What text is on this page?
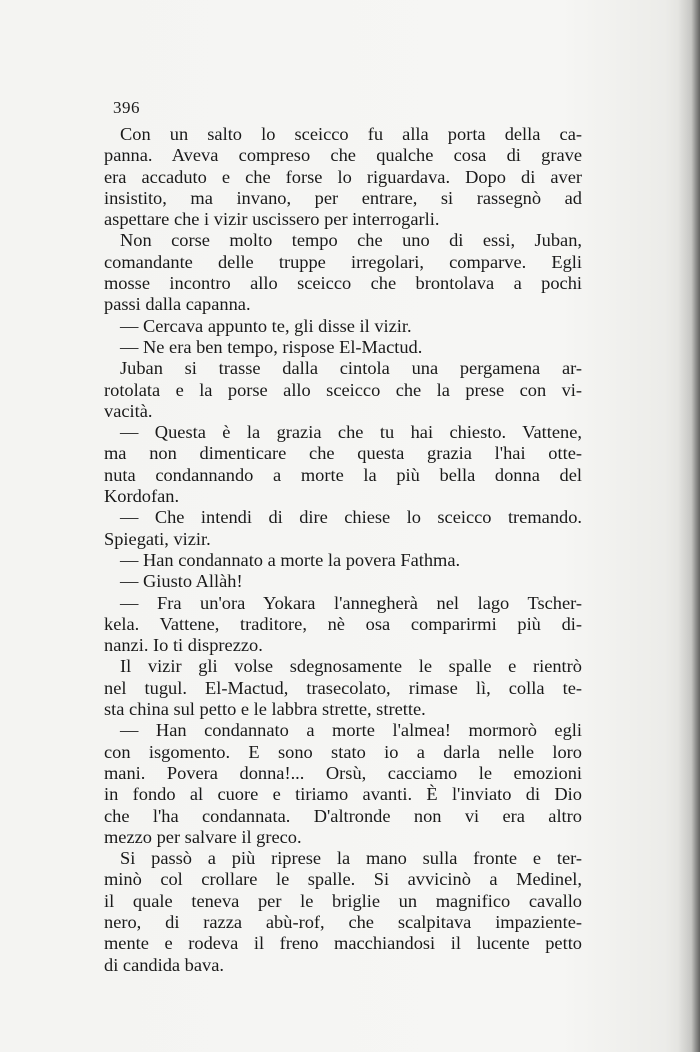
396
Con un salto lo sceicco fu alla porta della ca-
panna. Aveva compreso che qualche cosa di grave
era accaduto e che forse lo riguardava. Dopo di aver
insistito, ma invano, per entrare, si rassegnò ad
aspettare che i vizir uscissero per interrogarli.
Non corse molto tempo che uno di essi, Juban,
comandante delle truppe irregolari, comparve. Egli
mosse incontro allo sceicco che brontolava a pochi
passi dalla capanna.
— Cercava appunto te, gli disse il vizir.
— Ne era ben tempo, rispose El-Mactud.
Juban si trasse dalla cintola una pergamena ar-
rotolata e la porse allo sceicco che la prese con vi-
vacità.
— Questa è la grazia che tu hai chiesto. Vattene,
ma non dimenticare che questa grazia l'hai otte-
nuta condannando a morte la più bella donna del
Kordofan.
— Che intendi di dire chiese lo sceicco tremando.
Spiegati, vizir.
— Han condannato a morte la povera Fathma.
— Giusto Allàh!
— Fra un'ora Yokara l'annegherà nel lago Tscher-
kela. Vattene, traditore, nè osa comparirmi più di-
nanzi. Io ti disprezzo.
Il vizir gli volse sdegnosamente le spalle e rientrò
nel tugul. El-Mactud, trasecolato, rimase lì, colla te-
sta china sul petto e le labbra strette, strette.
— Han condannato a morte l'almea! mormorò egli
con isgomento. E sono stato io a darla nelle loro
mani. Povera donna!... Orsù, cacciamo le emozioni
in fondo al cuore e tiriamo avanti. È l'inviato di Dio
che l'ha condannata. D'altronde non vi era altro
mezzo per salvare il greco.
Si passò a più riprese la mano sulla fronte e ter-
minò col crollare le spalle. Si avvicinò a Medinel,
il quale teneva per le briglie un magnifico cavallo
nero, di razza abù-rof, che scalpitava impaziente-
mente e rodeva il freno macchiandosi il lucente petto
di candida bava.
